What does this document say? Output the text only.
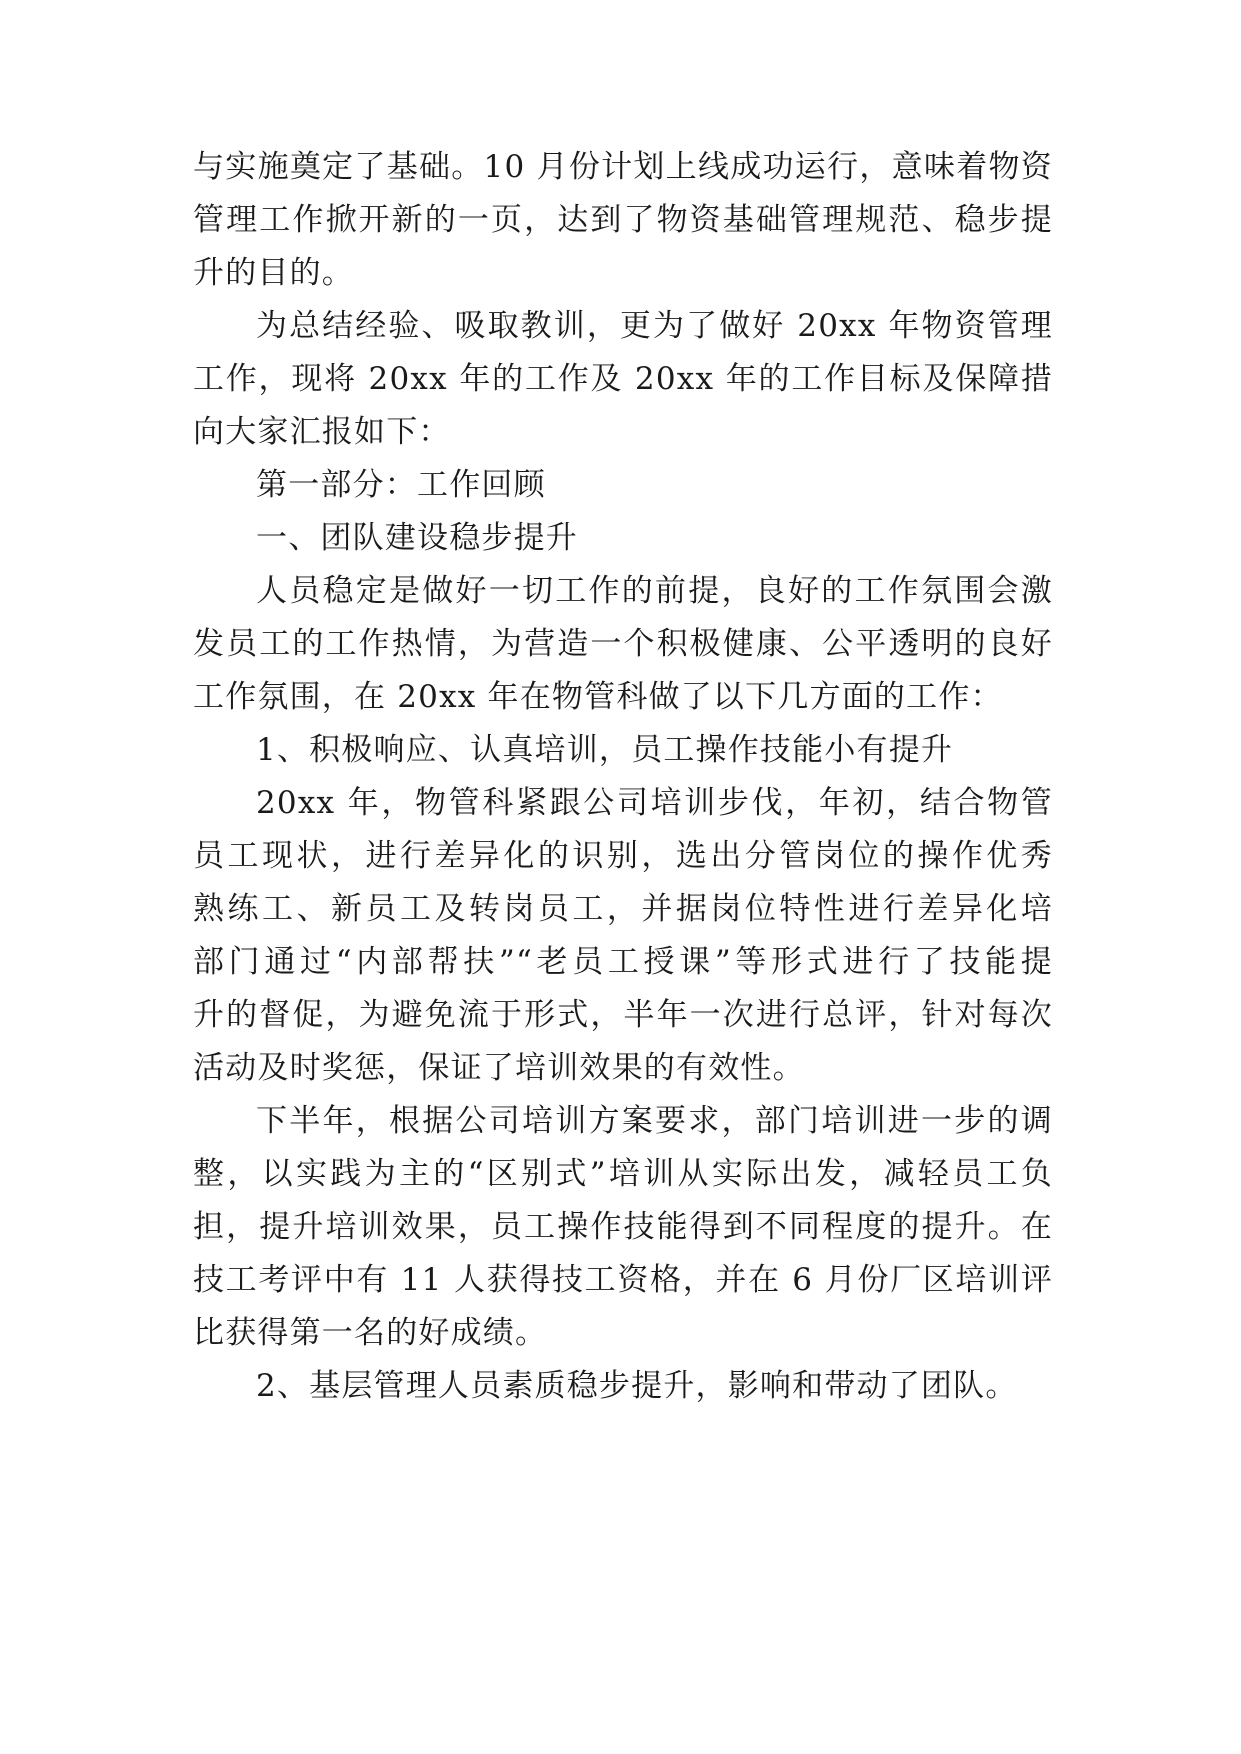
与实施奠定了基础。10 月份计划上线成功运行，意味着物资
管理工作掀开新的一页，达到了物资基础管理规范、稳步提
升的目的。
为总结经验、吸取教训，更为了做好 20xx 年物资管理
工作，现将 20xx 年的工作及 20xx 年的工作目标及保障措
向大家汇报如下：
第一部分：工作回顾
一、团队建设稳步提升
人员稳定是做好一切工作的前提，良好的工作氛围会激
发员工的工作热情，为营造一个积极健康、公平透明的良好
工作氛围，在 20xx 年在物管科做了以下几方面的工作：
1、积极响应、认真培训，员工操作技能小有提升
20xx 年，物管科紧跟公司培训步伐，年初，结合物管
员工现状，进行差异化的识别，选出分管岗位的操作优秀
熟练工、新员工及转岗员工，并据岗位特性进行差异化培
部门通过“内部帮扶”“老员工授课”等形式进行了技能提
升的督促，为避免流于形式，半年一次进行总评，针对每次
活动及时奖惩，保证了培训效果的有效性。
下半年，根据公司培训方案要求，部门培训进一步的调
整，以实践为主的“区别式”培训从实际出发，减轻员工负
担，提升培训效果，员工操作技能得到不同程度的提升。在
技工考评中有 11 人获得技工资格，并在 6 月份厂区培训评
比获得第一名的好成绩。
2、基层管理人员素质稳步提升，影响和带动了团队。
